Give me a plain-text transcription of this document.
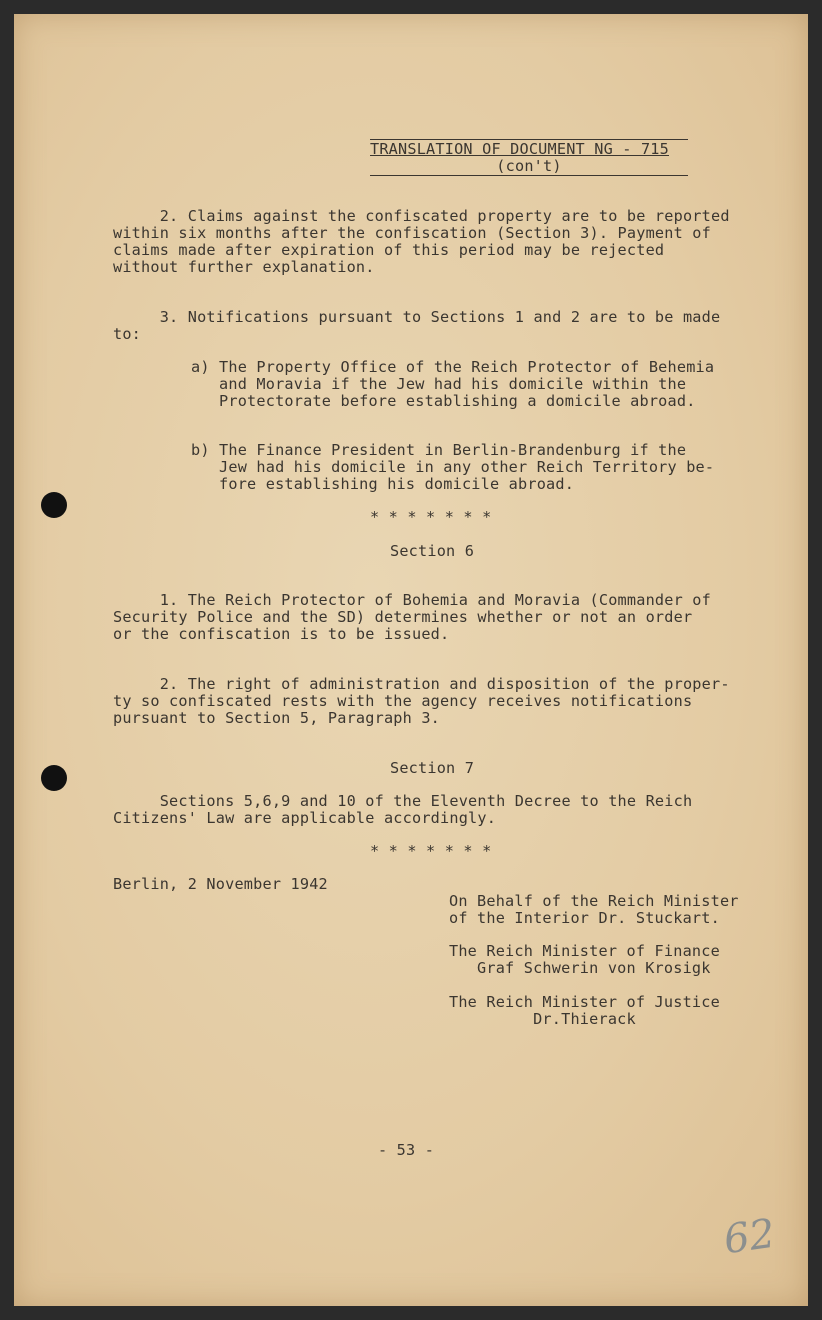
TRANSLATION OF DOCUMENT NG - 715
(con't)
2. Claims against the confiscated property are to be reported
within six months after the confiscation (Section 3). Payment of
claims made after expiration of this period may be rejected
without further explanation.
3. Notifications pursuant to Sections 1 and 2 are to be made
to:
a) The Property Office of the Reich Protector of Behemia
and Moravia if the Jew had his domicile within the
Protectorate before establishing a domicile abroad.
b) The Finance President in Berlin-Brandenburg if the
Jew had his domicile in any other Reich Territory be-
fore establishing his domicile abroad.
* * * * * * *
Section 6
1. The Reich Protector of Bohemia and Moravia (Commander of
Security Police and the SD) determines whether or not an order
or the confiscation is to be issued.
2. The right of administration and disposition of the proper-
ty so confiscated rests with the agency receives notifications
pursuant to Section 5, Paragraph 3.
Section 7
Sections 5,6,9 and 10 of the Eleventh Decree to the Reich
Citizens' Law are applicable accordingly.
* * * * * * *
Berlin, 2 November 1942
On Behalf of the Reich Minister
of the Interior Dr. Stuckart.
The Reich Minister of Finance
Graf Schwerin von Krosigk
The Reich Minister of Justice
Dr.Thierack
- 53 -
62
